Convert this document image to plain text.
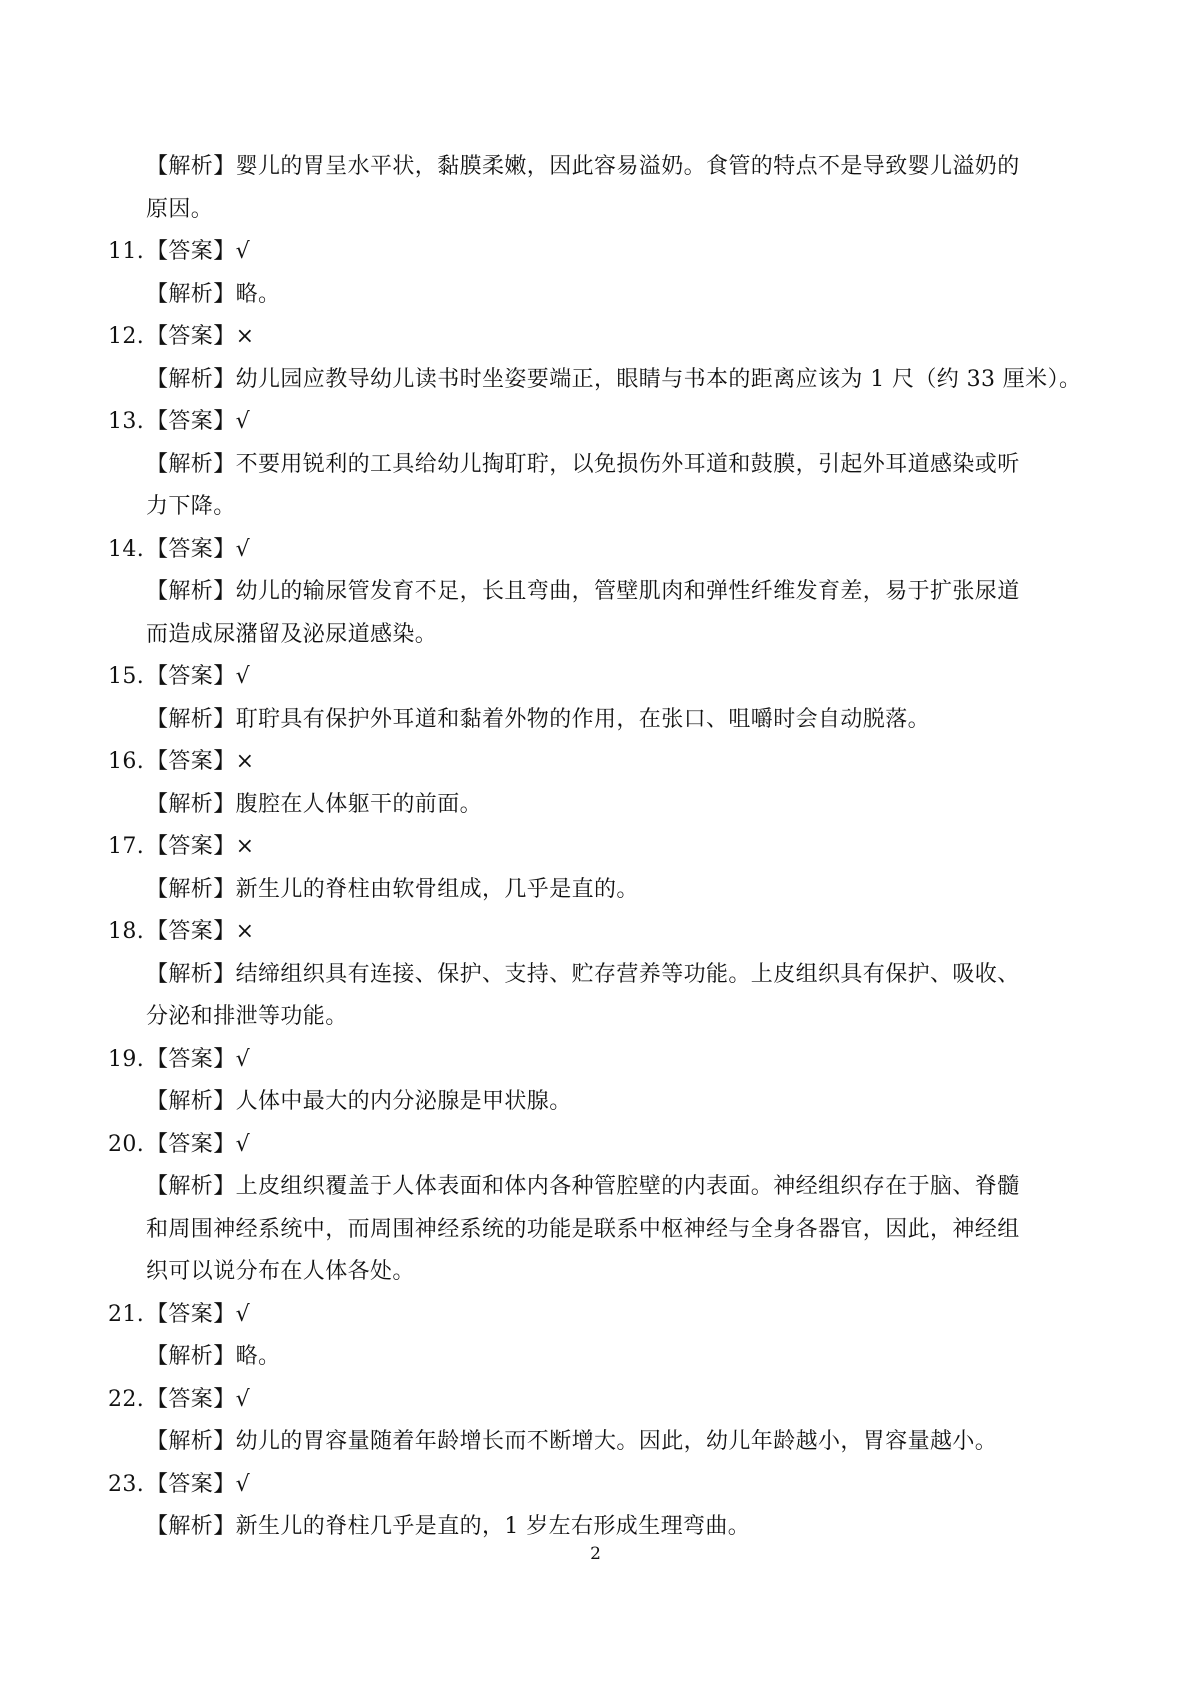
【解析】婴儿的胃呈水平状，黏膜柔嫩，因此容易溢奶。食管的特点不是导致婴儿溢奶的
原因。
11.【答案】√
【解析】略。
12.【答案】×
【解析】幼儿园应教导幼儿读书时坐姿要端正，眼睛与书本的距离应该为 1 尺（约 33 厘米）。
13.【答案】√
【解析】不要用锐利的工具给幼儿掏耵聍，以免损伤外耳道和鼓膜，引起外耳道感染或听
力下降。
14.【答案】√
【解析】幼儿的输尿管发育不足，长且弯曲，管壁肌肉和弹性纤维发育差，易于扩张尿道
而造成尿潴留及泌尿道感染。
15.【答案】√
【解析】耵聍具有保护外耳道和黏着外物的作用，在张口、咀嚼时会自动脱落。
16.【答案】×
【解析】腹腔在人体躯干的前面。
17.【答案】×
【解析】新生儿的脊柱由软骨组成，几乎是直的。
18.【答案】×
【解析】结缔组织具有连接、保护、支持、贮存营养等功能。上皮组织具有保护、吸收、
分泌和排泄等功能。
19.【答案】√
【解析】人体中最大的内分泌腺是甲状腺。
20.【答案】√
【解析】上皮组织覆盖于人体表面和体内各种管腔壁的内表面。神经组织存在于脑、脊髓
和周围神经系统中，而周围神经系统的功能是联系中枢神经与全身各器官，因此，神经组
织可以说分布在人体各处。
21.【答案】√
【解析】略。
22.【答案】√
【解析】幼儿的胃容量随着年龄增长而不断增大。因此，幼儿年龄越小，胃容量越小。
23.【答案】√
【解析】新生儿的脊柱几乎是直的，1 岁左右形成生理弯曲。
2
